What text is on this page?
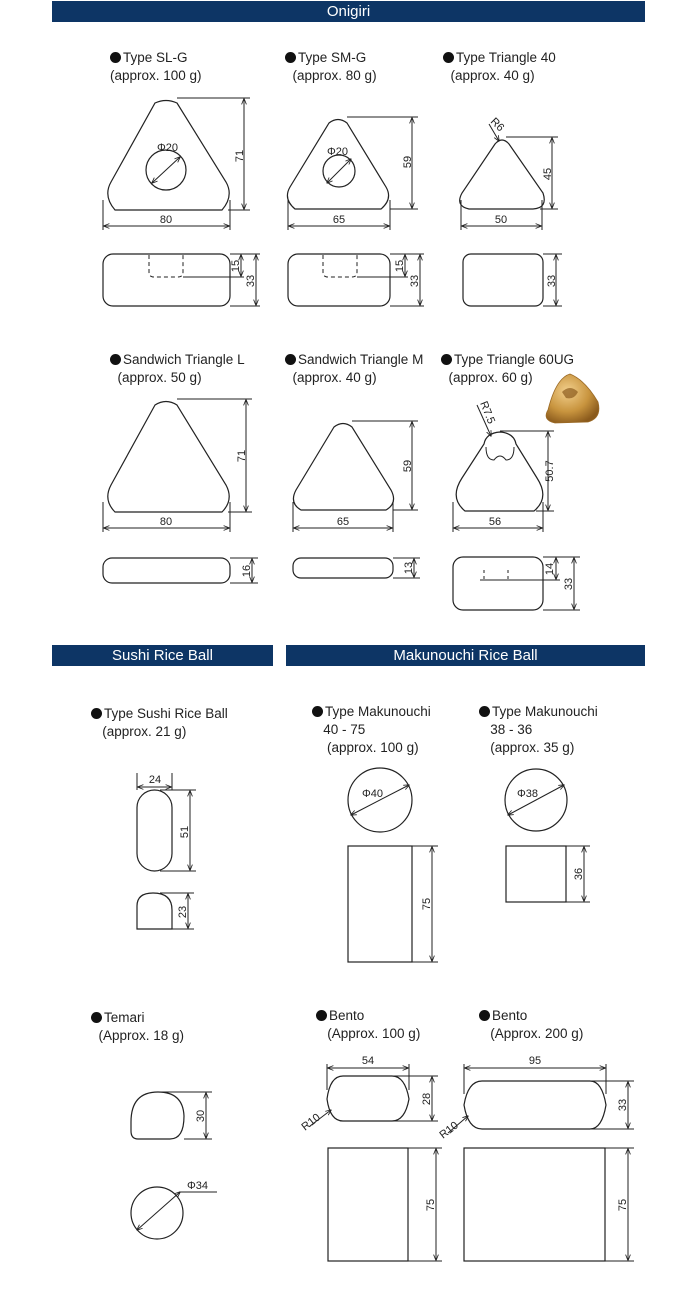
Onigiri
Sushi Rice Ball	Makunouchi Rice Ball
Type SL-G
(approx. 100 g)
Type SM-G
(approx. 80 g)
Type Triangle 40
(approx. 40 g)
Sandwich Triangle L
(approx. 50 g)
Sandwich Triangle M
(approx. 40 g)
Type Triangle 60UG
(approx. 60 g)
Type Sushi Rice Ball
(approx. 21 g)
Type Makunouchi
40 - 75
(approx. 100 g)
Type Makunouchi
38 - 36
(approx. 35 g)
Temari
(Approx. 18 g)
Bento
(Approx. 100 g)
Bento
(Approx. 200 g)
Φ20
71
80
15
33
Φ20
59
65
15
33
R6
45
50
33
71
80
16
59
65
13
R7.5
50.7
56
14
33
24
51
23
Φ40
75
Φ38
36
30
Φ34
54
28
R10
75
95
33
R10
75
